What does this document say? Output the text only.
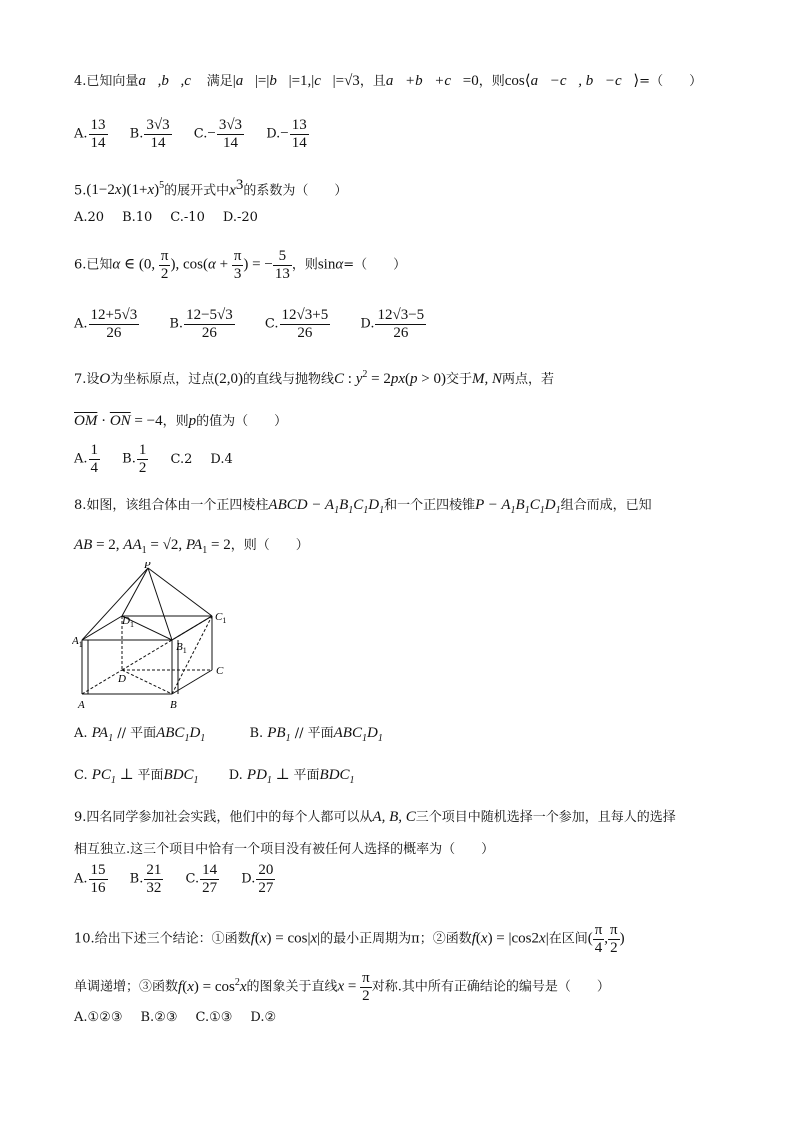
4.已知向量a⃗,b⃗,c⃗ 满足|a⃗|=|b⃗|=1,|c⃗|=√3，且a⃗+b⃗+c⃗=0，则cos⟨a⃗−c⃗, b⃗−c⃗⟩=（　　）
A. $\frac{13}{14} B$. $\frac{3√3}{14} C.- \frac{3√3}{14} D.- \frac{13}{14}$
$5.(1-2x)(1+x)^5$的展开式中$x^3$的系数为（　　）
A.20 B.10 C.-10 D.-20
6.已知α ∈ (0, $\frac{\pi}{2}$ ), $\cos(\alpha + \frac{\pi}{3}$ ) = − $\frac{5}{13}$ ，则sinα=（　　）
A. $\frac{12+5√3}{26} B$. $\frac{12-5√3}{26} C$. $\frac{12√3+5}{26} D$. $\frac{12√3-5}{26}$
7.设O为坐标原点，过点(2,0)的直线与抛物线C : $y^2 = 2px(p > 0)$交于M, N两点，若
$\overline{OM} \cdot \overline{ON} = -4$，则p的值为（　　）
A. $\frac{1}{4} B$. $\frac{1}{2} C.2$ D.4
8.如图，该组合体由一个正四棱柱ABCD − $A_1B_1C_1D_1$和一个正四棱锥$P - A_1B_1C_1D_1$组合而成，已知
AB = 2, $AA_1 = √2$, $PA_1 = 2$，则（　　）
P
$D_1$
$C_1$
$A_1$	$B_1$
C
D
A	B
A. $PA_1$ // 平面$ABC_1D_1$	B. $PB_1$ // 平面$ABC_1D_1$
C. $PC_1$ ⊥ 平面$BDC_1$ D. $PD_1$ ⊥ 平面$BDC_1$
9.四名同学参加社会实践，他们中的每个人都可以从A, B, C三个项目中随机选择一个参加，且每人的选择
相互独立.这三个项目中恰有一个项目没有被任何人选择的概率为（　　）
A. $\frac{15}{16} B$. $\frac{21}{32} C$. $\frac{14}{27} D$. $\frac{20}{27}$
10.给出下述三个结论：①函数f(x) = cos|x|的最小正周期为π；②函数f(x) = |cos2x|在区间( $\frac{\pi}{4}$ , $\frac{\pi}{2}$ )
单调递增；③函数$f(x) = \cos^2x$的图象关于直线$x = \frac{\pi}{2}$ 对称.其中所有正确结论的编号是（　　）
A.①②③ B.②③ C.①③ D.②
